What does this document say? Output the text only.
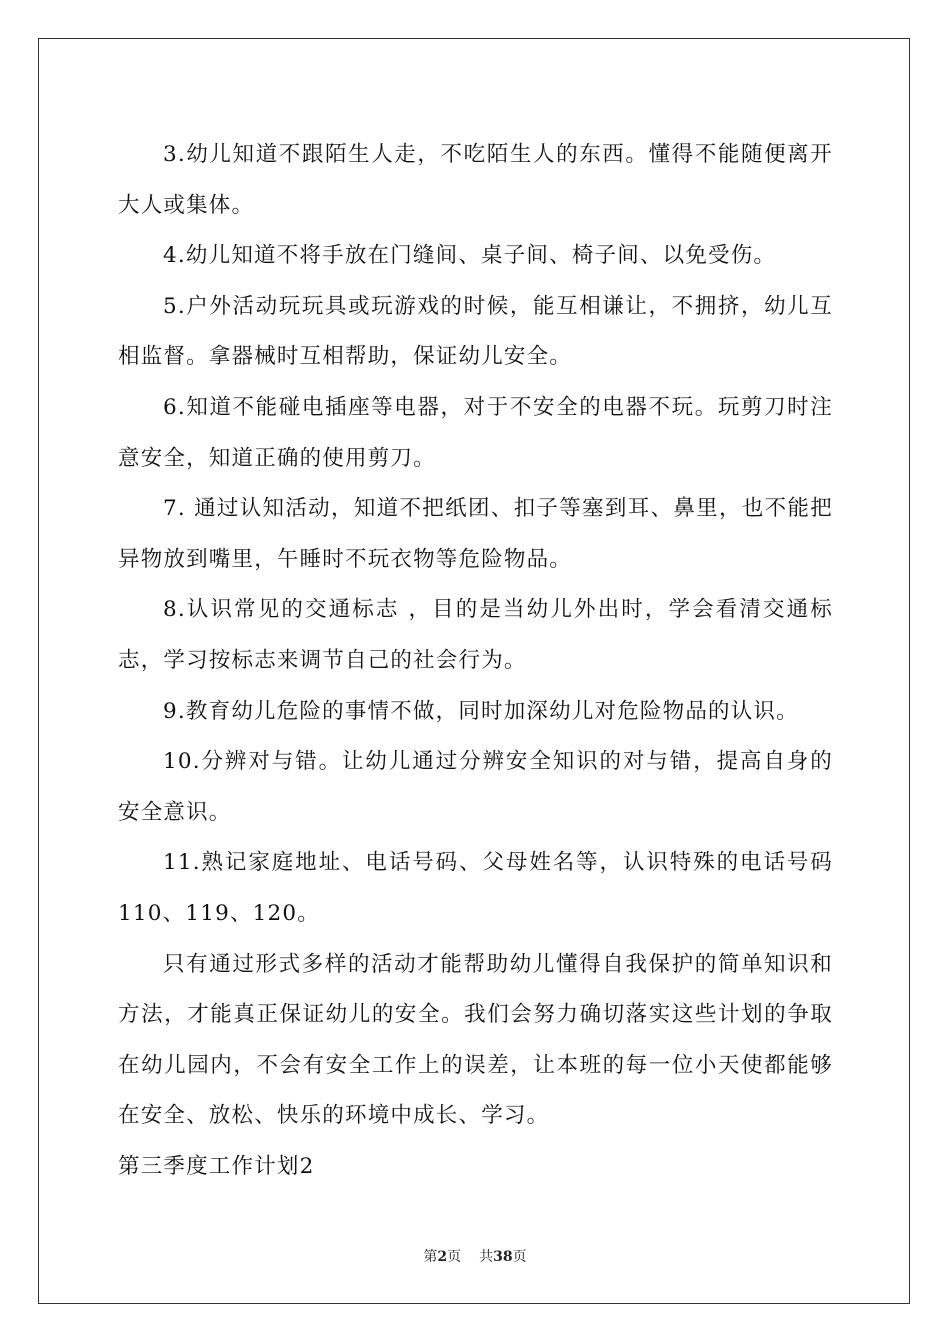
3.幼儿知道不跟陌生人走，不吃陌生人的东西。懂得不能随便离开大人或集体。

4.幼儿知道不将手放在门缝间、桌子间、椅子间、以免受伤。

5.户外活动玩玩具或玩游戏的时候，能互相谦让，不拥挤，幼儿互相监督。拿器械时互相帮助，保证幼儿安全。

6.知道不能碰电插座等电器，对于不安全的电器不玩。玩剪刀时注意安全，知道正确的使用剪刀。

7. 通过认知活动，知道不把纸团、扣子等塞到耳、鼻里，也不能把异物放到嘴里，午睡时不玩衣物等危险物品。

8.认识常见的交通标志 ，目的是当幼儿外出时，学会看清交通标志，学习按标志来调节自己的社会行为。

9.教育幼儿危险的事情不做，同时加深幼儿对危险物品的认识。

10.分辨对与错。让幼儿通过分辨安全知识的对与错，提高自身的安全意识。

11.熟记家庭地址、电话号码、父母姓名等，认识特殊的电话号码110、119、120。

只有通过形式多样的活动才能帮助幼儿懂得自我保护的简单知识和方法，才能真正保证幼儿的安全。我们会努力确切落实这些计划的争取在幼儿园内，不会有安全工作上的误差，让本班的每一位小天使都能够在安全、放松、快乐的环境中成长、学习。

第三季度工作计划2

第2页 共38页
